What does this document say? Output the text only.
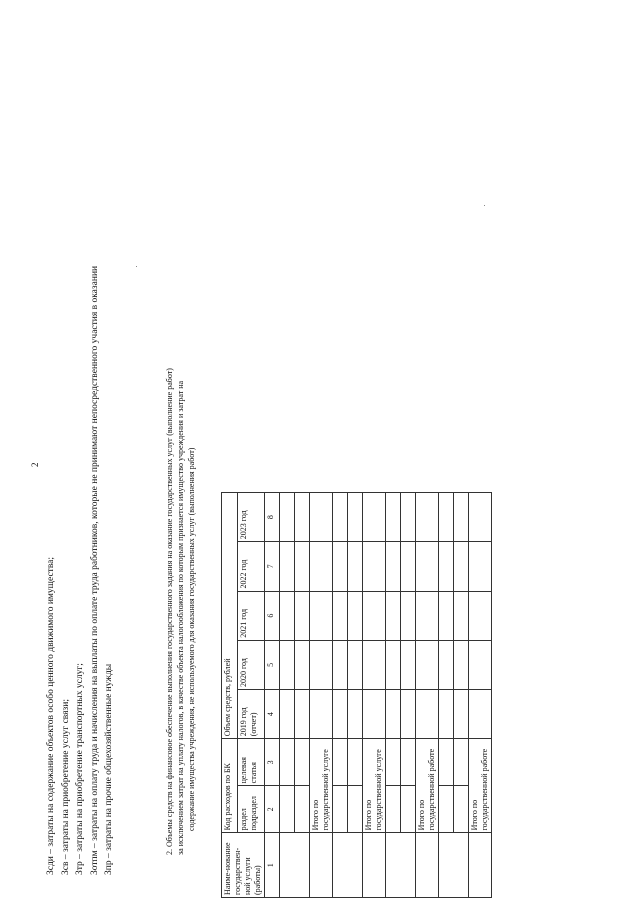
2
Зсди – затраты на содержание объектов особо ценного движимого имущества; Зсв – затраты на приобретение услуг связи; Зтр – затраты на приобретение транспортных услуг; Зотпм – затраты на оплату труда и начисления на выплаты по оплате труда работников, которые не принимают непосредственного участия в оказании Зпр – затраты на прочие общехозяйственные нужды	2. Объемы средств на финансовое обеспечение выполнения государственного задания на оказание государственных услуг (выполнение работ) за исключением затрат на уплату налогов, в качестве объекта налогообложения по которым признается имущество учреждения и затрат на содержание имущества учреждения, не используемого для оказания государственных услуг (выполнения работ)
Наиме-нование государствен-ной услуги (работы)	Код расходов по БК		Объем средств, рублей				
	раздел подраздел	целевая статья	2019 год (отчет)	2020 год	2021 год	2022 год	2023 год
1	2	3	4	5	6	7	8

	Итого по государственной услуге						

	Итого по государственной услуге						

	Итого по государственной работе						

	Итого по государственной работе						
